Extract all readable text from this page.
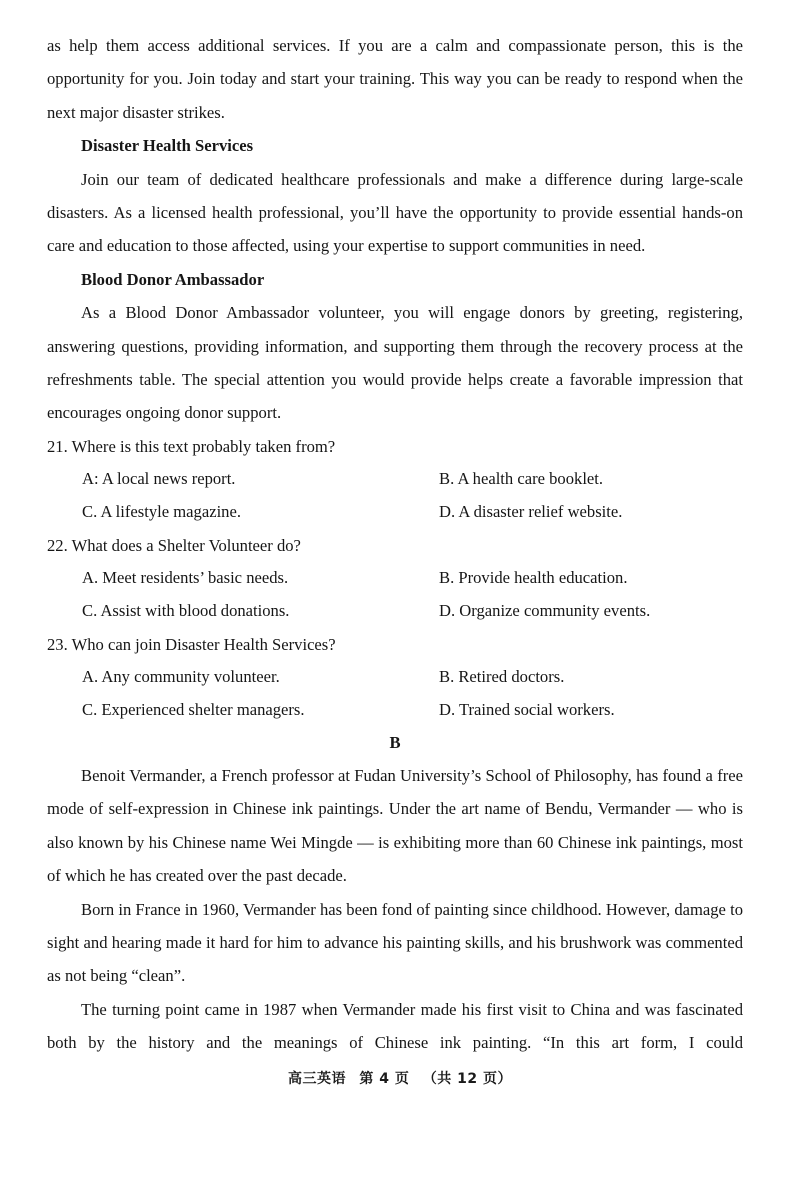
as help them access additional services. If you are a calm and compassionate person, this is the opportunity for you. Join today and start your training. This way you can be ready to respond when the next major disaster strikes.
Disaster Health Services
Join our team of dedicated healthcare professionals and make a difference during large-scale disasters. As a licensed health professional, you’ll have the opportunity to provide essential hands-on care and education to those affected, using your expertise to support communities in need.
Blood Donor Ambassador
As a Blood Donor Ambassador volunteer, you will engage donors by greeting, registering, answering questions, providing information, and supporting them through the recovery process at the refreshments table. The special attention you would provide helps create a favorable impression that encourages ongoing donor support.
21. Where is this text probably taken from?
A: A local news report.	B. A health care booklet.
C. A lifestyle magazine.	D. A disaster relief website.
22. What does a Shelter Volunteer do?
A. Meet residents’ basic needs.	B. Provide health education.
C. Assist with blood donations.	D. Organize community events.
23. Who can join Disaster Health Services?
A. Any community volunteer.	B. Retired doctors.
C. Experienced shelter managers.	D. Trained social workers.
B
Benoit Vermander, a French professor at Fudan University’s School of Philosophy, has found a free mode of self-expression in Chinese ink paintings. Under the art name of Bendu, Vermander — who is also known by his Chinese name Wei Mingde — is exhibiting more than 60 Chinese ink paintings, most of which he has created over the past decade.
Born in France in 1960, Vermander has been fond of painting since childhood. However, damage to sight and hearing made it hard for him to advance his painting skills, and his brushwork was commented as not being “clean”.
The turning point came in 1987 when Vermander made his first visit to China and was fascinated both by the history and the meanings of Chinese ink painting. “In this art form, I could
高三英语 第 4 页 （共 12 页）
